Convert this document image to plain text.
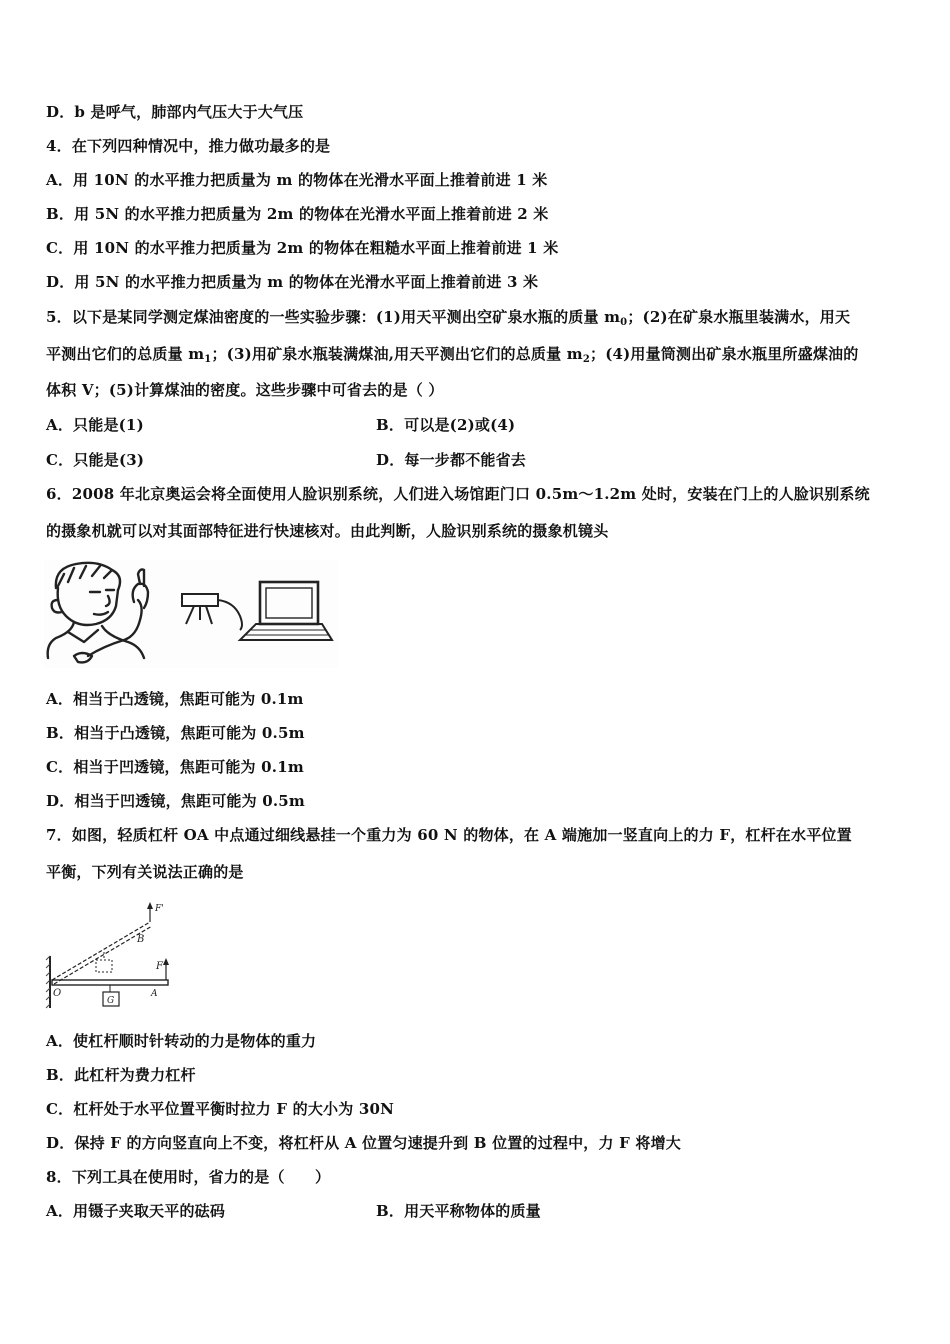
D．b 是呼气，肺部内气压大于大气压
4．在下列四种情况中，推力做功最多的是
A．用 10N 的水平推力把质量为 m 的物体在光滑水平面上推着前进 1 米
B．用 5N 的水平推力把质量为 2m 的物体在光滑水平面上推着前进 2 米
C．用 10N 的水平推力把质量为 2m 的物体在粗糙水平面上推着前进 1 米
D．用 5N 的水平推力把质量为 m 的物体在光滑水平面上推着前进 3 米
5．以下是某同学测定煤油密度的一些实验步骤：(1)用天平测出空矿泉水瓶的质量 $m_0$；(2)在矿泉水瓶里装满水，用天
平测出它们的总质量 $m_1$；(3)用矿泉水瓶装满煤油,用天平测出它们的总质量 $m_2$；(4)用量筒测出矿泉水瓶里所盛煤油的
体积 V；(5)计算煤油的密度。这些步骤中可省去的是（ ）
A．只能是(1)	B．可以是(2)或(4)
C．只能是(3)	D．每一步都不能省去
6．2008 年北京奥运会将全面使用人脸识别系统，人们进入场馆距门口 0.5m～1.2m 处时，安装在门上的人脸识别系统
的摄象机就可以对其面部特征进行快速核对。由此判断，人脸识别系统的摄象机镜头
A．相当于凸透镜，焦距可能为 0.1m
B．相当于凸透镜，焦距可能为 0.5m
C．相当于凹透镜，焦距可能为 0.1m
D．相当于凹透镜，焦距可能为 0.5m
7．如图，轻质杠杆 OA 中点通过细线悬挂一个重力为 60 N 的物体，在 A 端施加一竖直向上的力 F，杠杆在水平位置
平衡，下列有关说法正确的是
F'
B
F
O	A
G
A．使杠杆顺时针转动的力是物体的重力
B．此杠杆为费力杠杆
C．杠杆处于水平位置平衡时拉力 F 的大小为 30N
D．保持 F 的方向竖直向上不变，将杠杆从 A 位置匀速提升到 B 位置的过程中，力 F 将增大
8．下列工具在使用时，省力的是（　　）
A．用镊子夹取天平的砝码	B．用天平称物体的质量
